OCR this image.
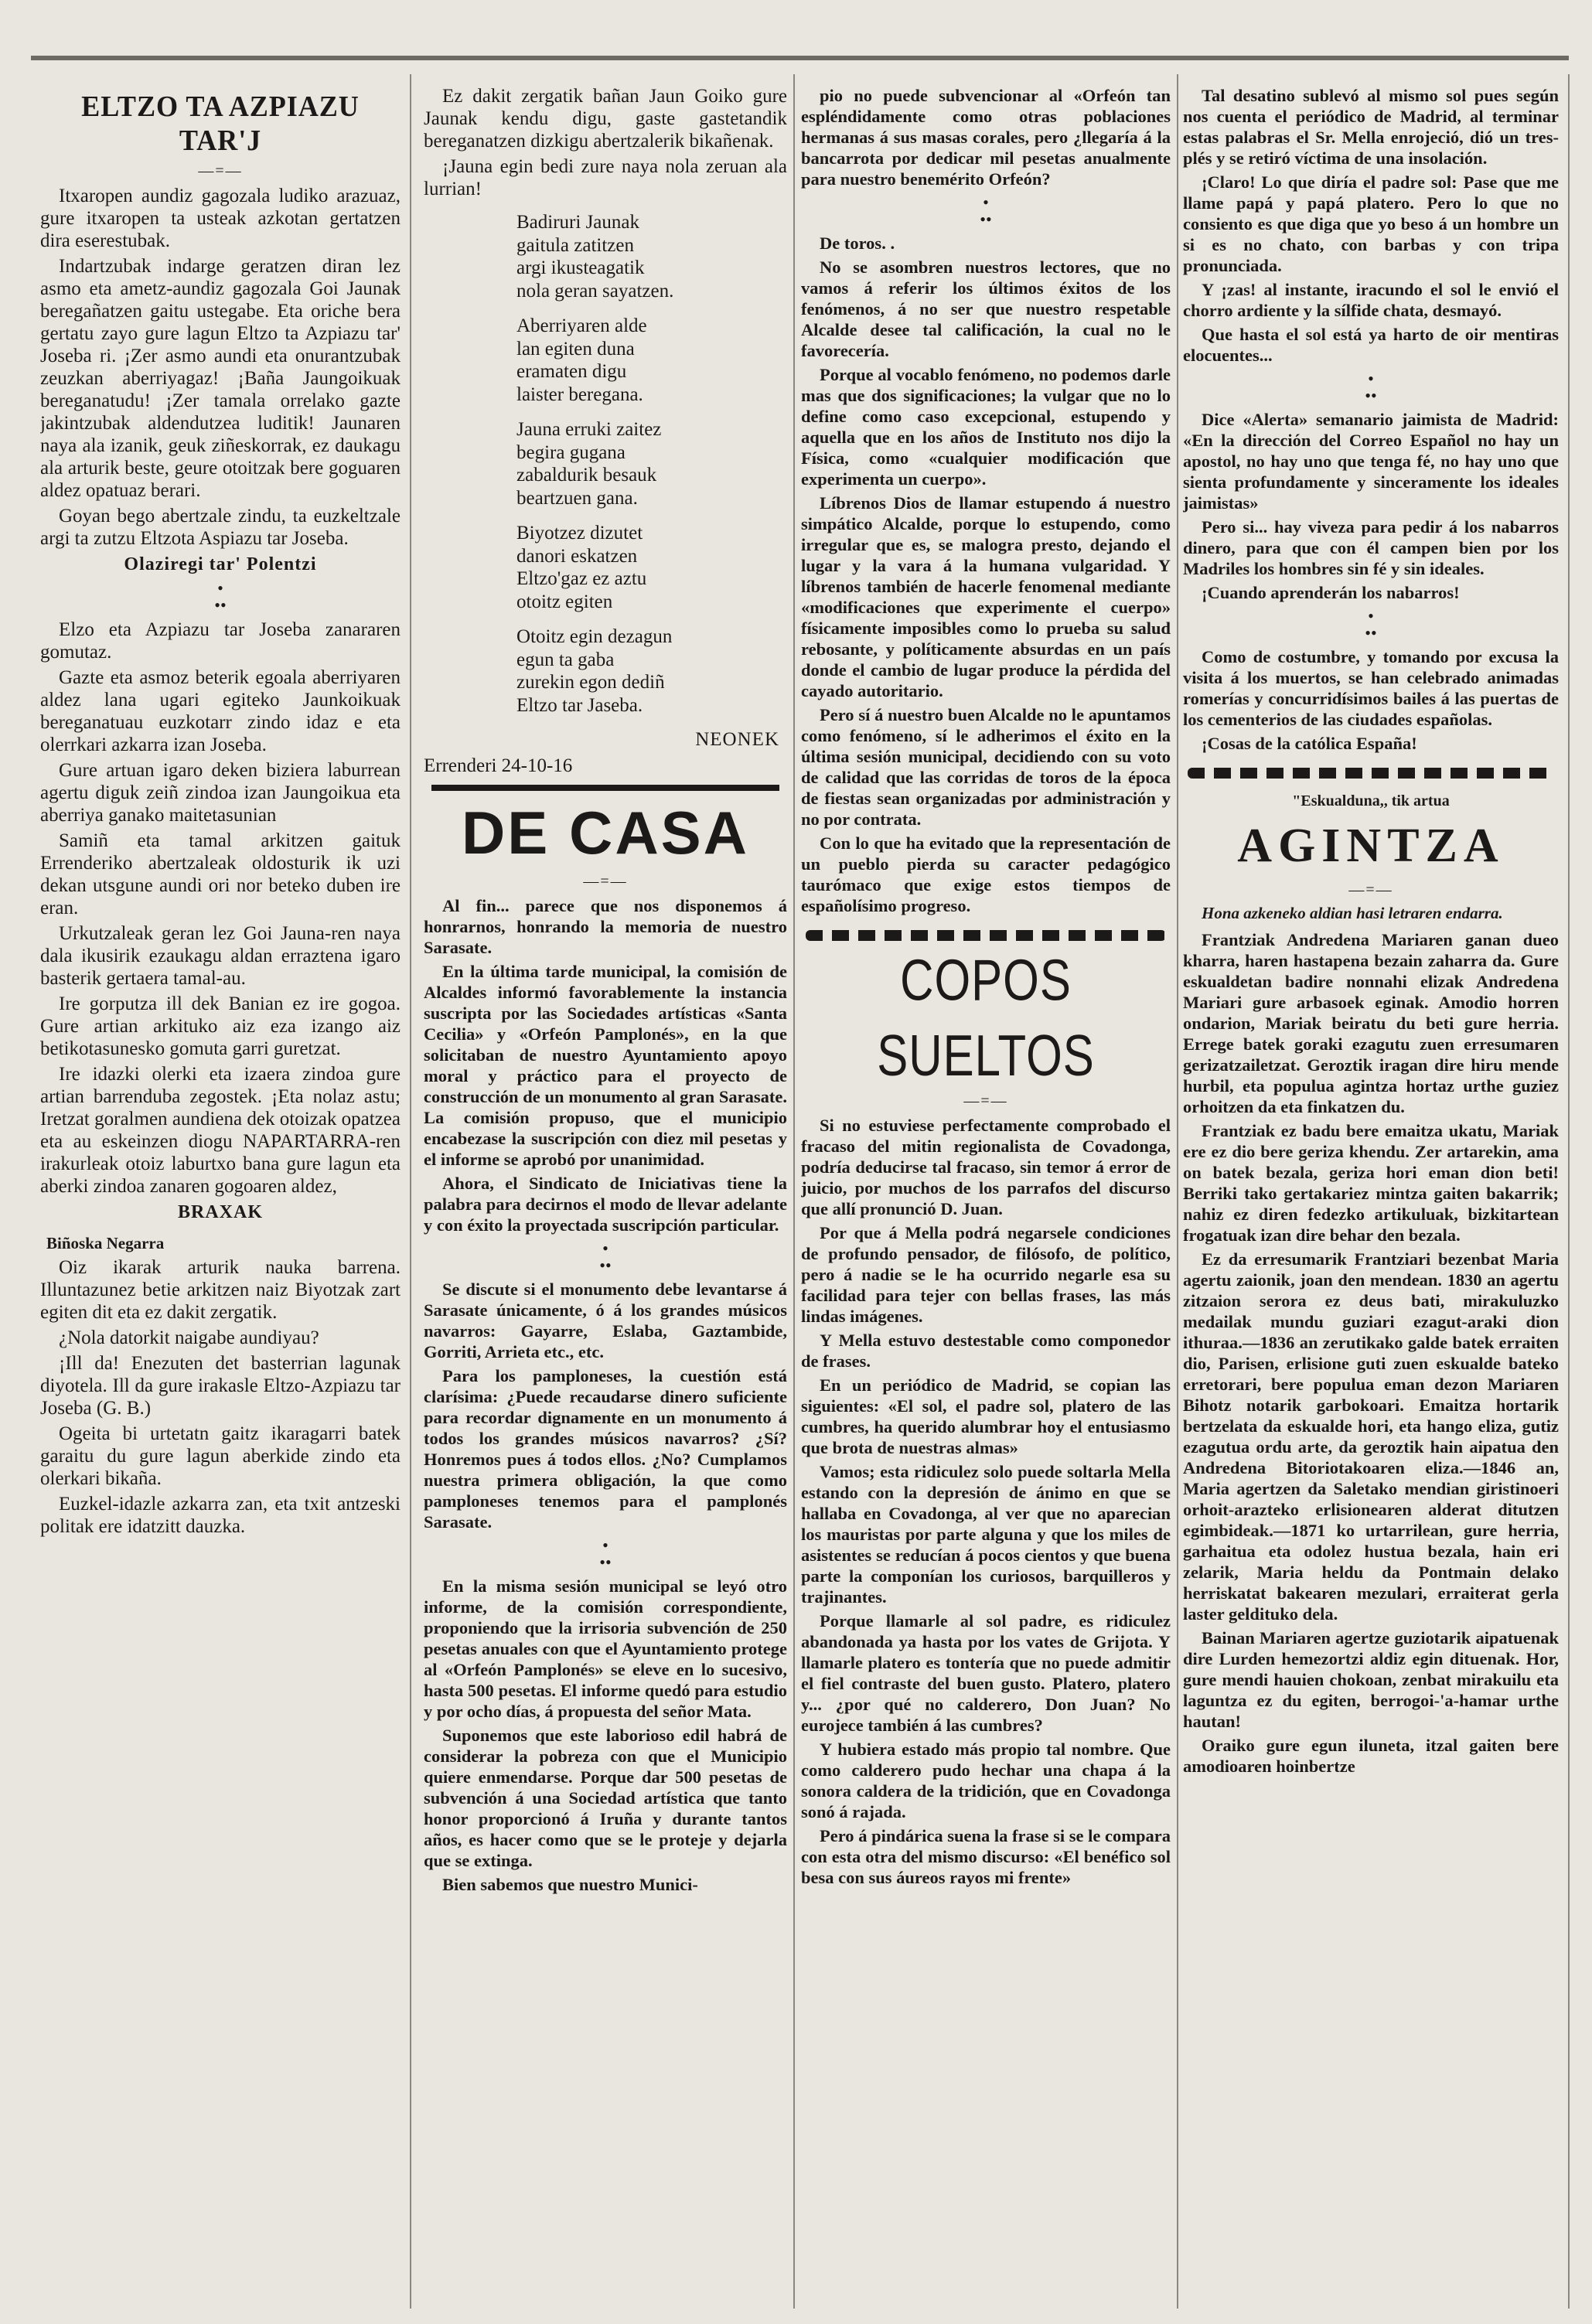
ELTZO TA AZPIAZU TAR'J
—=—

Itxaropen aundiz gagozala ludiko arazuaz, gure itxaropen ta usteak azkotan gertatzen dira eserestubak.

Indartzubak indarge geratzen diran lez asmo eta ametz-aundiz gagozala Goi Jaunak beregañatzen gaitu ustegabe. Eta oriche bera gertatu zayo gure lagun Eltzo ta Azpiazu tar' Joseba ri. ¡Zer asmo aundi eta onurantzubak zeuzkan aberriyagaz! ¡Baña Jaungoikuak bereganatudu! ¡Zer tamala orrelako gazte jakintzubak aldendutzea luditik! Jaunaren naya ala izanik, geuk ziñeskorrak, ez daukagu ala arturik beste, geure otoitzak bere goguaren aldez opatuaz berari.

Goyan bego abertzale zindu, ta euzkeltzale argi ta zutzu Eltzota Aspiazu tar Joseba.

Olaziregi tar' Polentzi
• ••

Elzo eta Azpiazu tar Joseba zanararen gomutaz.

Gazte eta asmoz beterik egoala aberriyaren aldez lana ugari egiteko Jaunkoikuak bereganatuau euzkotarr zindo idaz e eta olerrkari azkarra izan Joseba.

Gure artuan igaro deken biziera laburrean agertu diguk zeiñ zindoa izan Jaungoikua eta aberriya ganako maitetasunian

Samiñ eta tamal arkitzen gaituk Errenderiko abertzaleak oldosturik ik uzi dekan utsgune aundi ori nor beteko duben ire eran.

Urkutzaleak geran lez Goi Jauna-ren naya dala ikusirik ezaukagu aldan erraztena igaro basterik gertaera tamal-au.

Ire gorputza ill dek Banian ez ire gogoa. Gure artian arkituko aiz eza izango aiz betikotasunesko gomuta garri guretzat.

Ire idazki olerki eta izaera zindoa gure artian barrenduba zegostek. ¡Eta nolaz astu; Iretzat goralmen aundiena dek otoizak opatzea eta au eskeinzen diogu NAPARTARRA-ren irakurleak otoiz laburtxo bana gure lagun eta aberki zindoa zanaren gogoaren aldez,

BRAXAK
Biñoska Negarra

Oiz ikarak arturik nauka barrena. Illuntazunez betie arkitzen naiz Biyotzak zart egiten dit eta ez dakit zergatik.

¿Nola datorkit naigabe aundiyau?

¡Ill da! Enezuten det basterrian lagunak diyotela. Ill da gure irakasle Eltzo-Azpiazu tar Joseba (G. B.)

Ogeita bi urtetatn gaitz ikaragarri batek garaitu du gure lagun aberkide zindo eta olerkari bikaña.

Euzkel-idazle azkarra zan, eta txit antzeski politak ere idatzitt dauzka.

Ez dakit zergatik bañan Jaun Goiko gure Jaunak kendu digu, gaste gastetandik bereganatzen dizkigu abertzalerik bikañenak.

¡Jauna egin bedi zure naya nola zeruan ala lurrian!

Badiruri Jaunak
gaitula zatitzen
argi ikusteagatik
nola geran sayatzen.
Aberriyaren alde
lan egiten duna
eramaten digu
laister beregana.
Jauna erruki zaitez
begira gugana
zabaldurik besauk
beartzuen gana.
Biyotzez dizutet
danori eskatzen
Eltzo'gaz ez aztu
otoitz egiten
Otoitz egin dezagun
egun ta gaba
zurekin egon dediñ
Eltzo tar Jaseba.
NEONEK
Errenderi 24-10-16
DE CASA
—=—

Al fin... parece que nos disponemos á honrarnos, honrando la memoria de nuestro Sarasate.

En la última tarde municipal, la comisión de Alcaldes informó favorablemente la instancia suscripta por las Sociedades artísticas «Santa Cecilia» y «Orfeón Pamplonés», en la que solicitaban de nuestro Ayuntamiento apoyo moral y práctico para el proyecto de construcción de un monumento al gran Sarasate. La comisión propuso, que el municipio encabezase la suscripción con diez mil pesetas y el informe se aprobó por unanimidad.

Ahora, el Sindicato de Iniciativas tiene la palabra para decirnos el modo de llevar adelante y con éxito la proyectada suscripción particular.

• ••

Se discute si el monumento debe levantarse á Sarasate únicamente, ó á los grandes músicos navarros: Gayarre, Eslaba, Gaztambide, Gorriti, Arrieta etc., etc.

Para los pamploneses, la cuestión está clarísima: ¿Puede recaudarse dinero suficiente para recordar dignamente en un monumento á todos los grandes músicos navarros? ¿Sí? Honremos pues á todos ellos. ¿No? Cumplamos nuestra primera obligación, la que como pamploneses tenemos para el pamplonés Sarasate.

• ••

En la misma sesión municipal se leyó otro informe, de la comisión correspondiente, proponiendo que la irrisoria subvención de 250 pesetas anuales con que el Ayuntamiento protege al «Orfeón Pamplonés» se eleve en lo sucesivo, hasta 500 pesetas. El informe quedó para estudio y por ocho días, á propuesta del señor Mata.

Suponemos que este laborioso edil habrá de considerar la pobreza con que el Municipio quiere enmendarse. Porque dar 500 pesetas de subvención á una Sociedad artística que tanto honor proporcionó á Iruña y durante tantos años, es hacer como que se le proteje y dejarla que se extinga.

Bien sabemos que nuestro Munici-

pio no puede subvencionar al «Orfeón tan espléndidamente como otras poblaciones hermanas á sus masas corales, pero ¿llegaría á la bancarrota por dedicar mil pesetas anualmente para nuestro benemérito Orfeón?

• ••

De toros. .

No se asombren nuestros lectores, que no vamos á referir los últimos éxitos de los fenómenos, á no ser que nuestro respetable Alcalde desee tal calificación, la cual no le favorecería.

Porque al vocablo fenómeno, no podemos darle mas que dos significaciones; la vulgar que no lo define como caso excepcional, estupendo y aquella que en los años de Instituto nos dijo la Física, como «cualquier modificación que experimenta un cuerpo».

Líbrenos Dios de llamar estupendo á nuestro simpático Alcalde, porque lo estupendo, como irregular que es, se malogra presto, dejando el lugar y la vara á la humana vulgaridad. Y líbrenos también de hacerle fenomenal mediante «modificaciones que experimente el cuerpo» físicamente imposibles como lo prueba su salud rebosante, y políticamente absurdas en un país donde el cambio de lugar produce la pérdida del cayado autoritario.

Pero sí á nuestro buen Alcalde no le apuntamos como fenómeno, sí le adherimos el éxito en la última sesión municipal, decidiendo con su voto de calidad que las corridas de toros de la época de fiestas sean organizadas por administración y no por contrata.

Con lo que ha evitado que la representación de un pueblo pierda su caracter pedagógico taurómaco que exige estos tiempos de españolísimo progreso.

COPOS SUELTOS
—=—

Si no estuviese perfectamente comprobado el fracaso del mitin regionalista de Covadonga, podría deducirse tal fracaso, sin temor á error de juicio, por muchos de los parrafos del discurso que allí pronunció D. Juan.

Por que á Mella podrá negarsele condiciones de profundo pensador, de filósofo, de político, pero á nadie se le ha ocurrido negarle esa su facilidad para tejer con bellas frases, las más lindas imágenes.

Y Mella estuvo destestable como componedor de frases.

En un periódico de Madrid, se copian las siguientes: «El sol, el padre sol, platero de las cumbres, ha querido alumbrar hoy el entusiasmo que brota de nuestras almas»

Vamos; esta ridiculez solo puede soltarla Mella estando con la depresión de ánimo en que se hallaba en Covadonga, al ver que no aparecian los mauristas por parte alguna y que los miles de asistentes se reducían á pocos cientos y que buena parte la componían los curiosos, barquilleros y trajinantes.

Porque llamarle al sol padre, es ridiculez abandonada ya hasta por los vates de Grijota. Y llamarle platero es tontería que no puede admitir el fiel contraste del buen gusto. Platero, platero y... ¿por qué no calderero, Don Juan? No eurojece también á las cumbres?

Y hubiera estado más propio tal nombre. Que como calderero pudo hechar una chapa á la sonora caldera de la tridición, que en Covadonga sonó á rajada.

Pero á pindárica suena la frase si se le compara con esta otra del mismo discurso: «El benéfico sol besa con sus áureos rayos mi frente»

Tal desatino sublevó al mismo sol pues según nos cuenta el periódico de Madrid, al terminar estas palabras el Sr. Mella enrojeció, dió un tres-plés y se retiró víctima de una insolación.

¡Claro! Lo que diría el padre sol: Pase que me llame papá y papá platero. Pero lo que no consiento es que diga que yo beso á un hombre un si es no chato, con barbas y con tripa pronunciada.

Y ¡zas! al instante, iracundo el sol le envió el chorro ardiente y la sílfide chata, desmayó.

Que hasta el sol está ya harto de oir mentiras elocuentes...

• ••

Dice «Alerta» semanario jaimista de Madrid: «En la dirección del Correo Español no hay un apostol, no hay uno que tenga fé, no hay uno que sienta profundamente y sinceramente los ideales jaimistas»

Pero si... hay viveza para pedir á los nabarros dinero, para que con él campen bien por los Madriles los hombres sin fé y sin ideales.

¡Cuando aprenderán los nabarros!

• ••

Como de costumbre, y tomando por excusa la visita á los muertos, se han celebrado animadas romerías y concurridísimos bailes á las puertas de los cementerios de las ciudades españolas.

¡Cosas de la católica España!

"Eskualduna,, tik artua
AGINTZA
—=—
Hona azkeneko aldian hasi letraren endarra.

Frantziak Andredena Mariaren ganan dueo kharra, haren hastapena bezain zaharra da. Gure eskualdetan badire nonnahi elizak Andredena Mariari gure arbasoek eginak. Amodio horren ondarion, Mariak beiratu du beti gure herria. Errege batek goraki ezagutu zuen erresumaren gerizatzailetzat. Geroztik iragan dire hiru mende hurbil, eta populua agintza hortaz urthe guziez orhoitzen da eta finkatzen du.

Frantziak ez badu bere emaitza ukatu, Mariak ere ez dio bere geriza khendu. Zer artarekin, ama on batek bezala, geriza hori eman dion beti! Berriki tako gertakariez mintza gaiten bakarrik; nahiz ez diren fedezko artikuluak, bizkitartean frogatuak izan dire behar den bezala.

Ez da erresumarik Frantziari bezenbat Maria agertu zaionik, joan den mendean. 1830 an agertu zitzaion serora ez deus bati, mirakuluzko medailak mundu guziari ezagut-araki dion ithuraa.—1836 an zerutikako galde batek erraiten dio, Parisen, erlisione guti zuen eskualde bateko erretorari, bere populua eman dezon Mariaren Bihotz notarik garbokoari. Emaitza hortarik bertzelata da eskualde hori, eta hango eliza, gutiz ezagutua ordu arte, da geroztik hain aipatua den Andredena Bitoriotakoaren eliza.—1846 an, Maria agertzen da Saletako mendian giristinoeri orhoit-arazteko erlisionearen alderat ditutzen egimbideak.—1871 ko urtarrilean, gure herria, garhaitua eta odolez hustua bezala, hain eri zelarik, Maria heldu da Pontmain delako herriskatat bakearen mezulari, erraiterat gerla laster geldituko dela.

Bainan Mariaren agertze guziotarik aipatuenak dire Lurden hemezortzi aldiz egin dituenak. Hor, gure mendi hauien chokoan, zenbat mirakuilu eta laguntza ez du egiten, berrogoi-'a-hamar urthe hautan!

Oraiko gure egun iluneta, itzal gaiten bere amodioaren hoinbertze
